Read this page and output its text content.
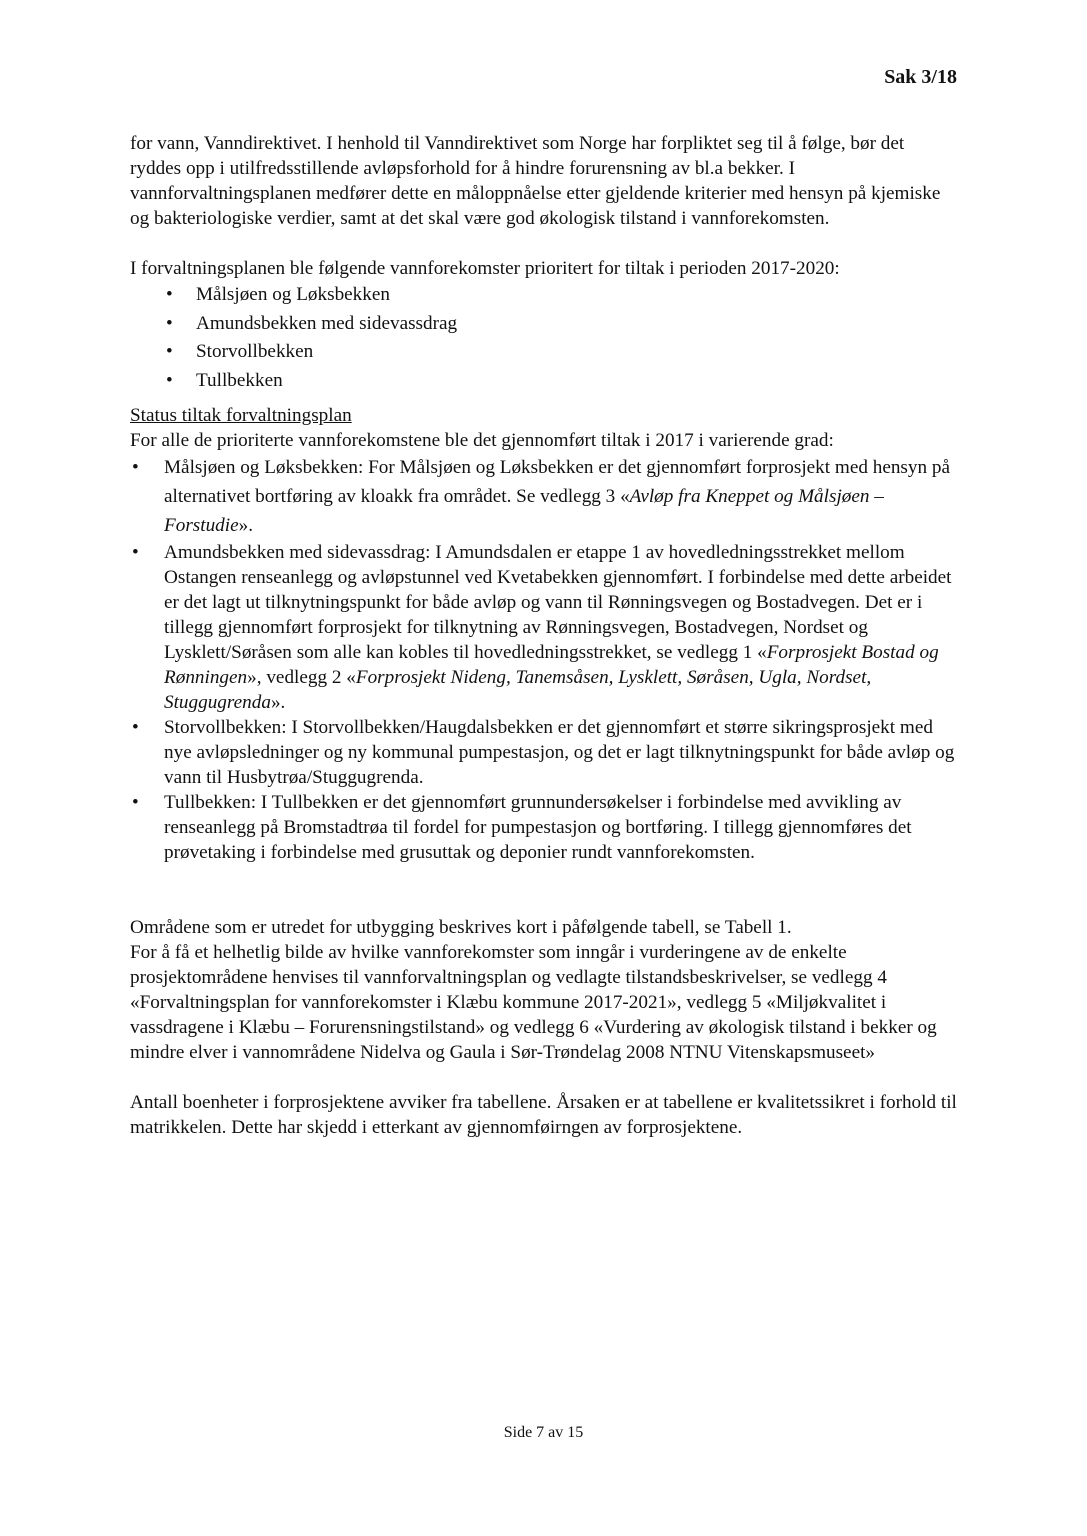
Sak 3/18

for vann, Vanndirektivet. I henhold til Vanndirektivet som Norge har forpliktet seg til å følge, bør det ryddes opp i utilfredsstillende avløpsforhold for å hindre forurensning av bl.a bekker. I vannforvaltningsplanen medfører dette en måloppnåelse etter gjeldende kriterier med hensyn på kjemiske og bakteriologiske verdier, samt at det skal være god økologisk tilstand i vannforekomsten.

I forvaltningsplanen ble følgende vannforekomster prioritert for tiltak i perioden 2017-2020:

• Målsjøen og Løksbekken
• Amundsbekken med sidevassdrag
• Storvollbekken
• Tullbekken

Status tiltak forvaltningsplan

For alle de prioriterte vannforekomstene ble det gjennomført tiltak i 2017 i varierende grad:

• Målsjøen og Løksbekken: For Målsjøen og Løksbekken er det gjennomført forprosjekt med hensyn på alternativet bortføring av kloakk fra området. Se vedlegg 3 «Avløp fra Kneppet og Målsjøen – Forstudie».
• Amundsbekken med sidevassdrag: I Amundsdalen er etappe 1 av hovedledningsstrekket mellom Ostangen renseanlegg og avløpstunnel ved Kvetabekken gjennomført. I forbindelse med dette arbeidet er det lagt ut tilknytningspunkt for både avløp og vann til Rønningsvegen og Bostadvegen. Det er i tillegg gjennomført forprosjekt for tilknytning av Rønningsvegen, Bostadvegen, Nordset og Lysklett/Søråsen som alle kan kobles til hovedledningsstrekket, se vedlegg 1 «Forprosjekt Bostad og Rønningen», vedlegg 2 «Forprosjekt Nideng, Tanemsåsen, Lysklett, Søråsen, Ugla, Nordset, Stuggugrenda».
• Storvollbekken: I Storvollbekken/Haugdalsbekken er det gjennomført et større sikringsprosjekt med nye avløpsledninger og ny kommunal pumpestasjon, og det er lagt tilknytningspunkt for både avløp og vann til Husbytrøa/Stuggugrenda.
• Tullbekken: I Tullbekken er det gjennomført grunnundersøkelser i forbindelse med avvikling av renseanlegg på Bromstadtrøa til fordel for pumpestasjon og bortføring. I tillegg gjennomføres det prøvetaking i forbindelse med grusuttak og deponier rundt vannforekomsten.

Områdene som er utredet for utbygging beskrives kort i påfølgende tabell, se Tabell 1.

For å få et helhetlig bilde av hvilke vannforekomster som inngår i vurderingene av de enkelte prosjektområdene henvises til vannforvaltningsplan og vedlagte tilstandsbeskrivelser, se vedlegg 4 «Forvaltningsplan for vannforekomster i Klæbu kommune 2017-2021», vedlegg 5 «Miljøkvalitet i vassdragene i Klæbu – Forurensningstilstand» og vedlegg 6 «Vurdering av økologisk tilstand i bekker og mindre elver i vannområdene Nidelva og Gaula i Sør-Trøndelag 2008 NTNU Vitenskapsmuseet»

Antall boenheter i forprosjektene avviker fra tabellene. Årsaken er at tabellene er kvalitetssikret i forhold til matrikkelen. Dette har skjedd i etterkant av gjennomføirngen av forprosjektene.

Side 7 av 15
